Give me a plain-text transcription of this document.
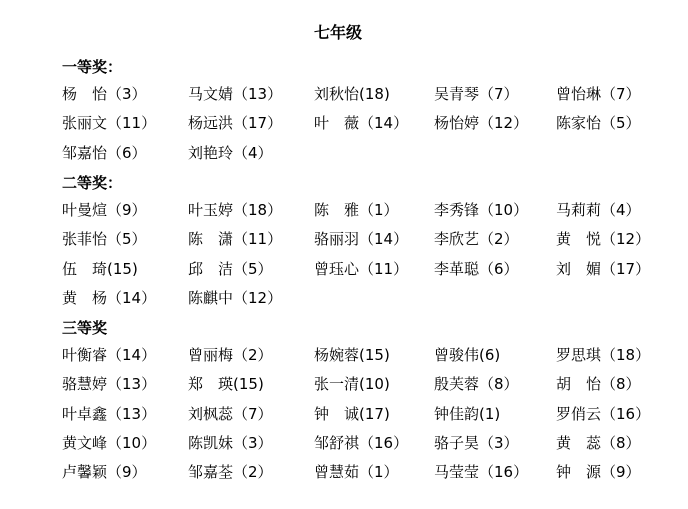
七年级
一等奖：
杨　怡（3）	马文婧（13）	刘秋怡(18)	吴青琴（7）	曾怡琳（7）
张丽文（11）	杨远洪（17）	叶　薇（14）	杨怡婷（12）	陈家怡（5）
邹嘉怡（6）	刘艳玲（4）
二等奖：
叶曼煊（9）	叶玉婷（18）	陈　雅（1）	李秀锋（10）	马莉莉（4）
张菲怡（5）	陈　潇（11）	骆丽羽（14）	李欣艺（2）	黄　悦（12）
伍　琦(15)	邱　洁（5）	曾珏心（11）	李革聪（6）	刘　媚（17）
黄　杨（14）	陈麒中（12）
三等奖
叶衡睿（14）	曾丽梅（2）	杨婉蓉(15)	曾骏伟(6)	罗思琪（18）
骆慧婷（13）	郑　瑛(15)	张一清(10)	殷芙蓉（8）	胡　怡（8）
叶卓鑫（13）	刘枫蕊（7）	钟　诚(17)	钟佳韵(1)	罗俏云（16）
黄文峰（10）	陈凯妹（3）	邹舒祺（16）	骆子昊（3）	黄　蕊（8）
卢馨颖（9）	邹嘉荃（2）	曾慧茹（1）	马莹莹（16）	钟　源（9）
